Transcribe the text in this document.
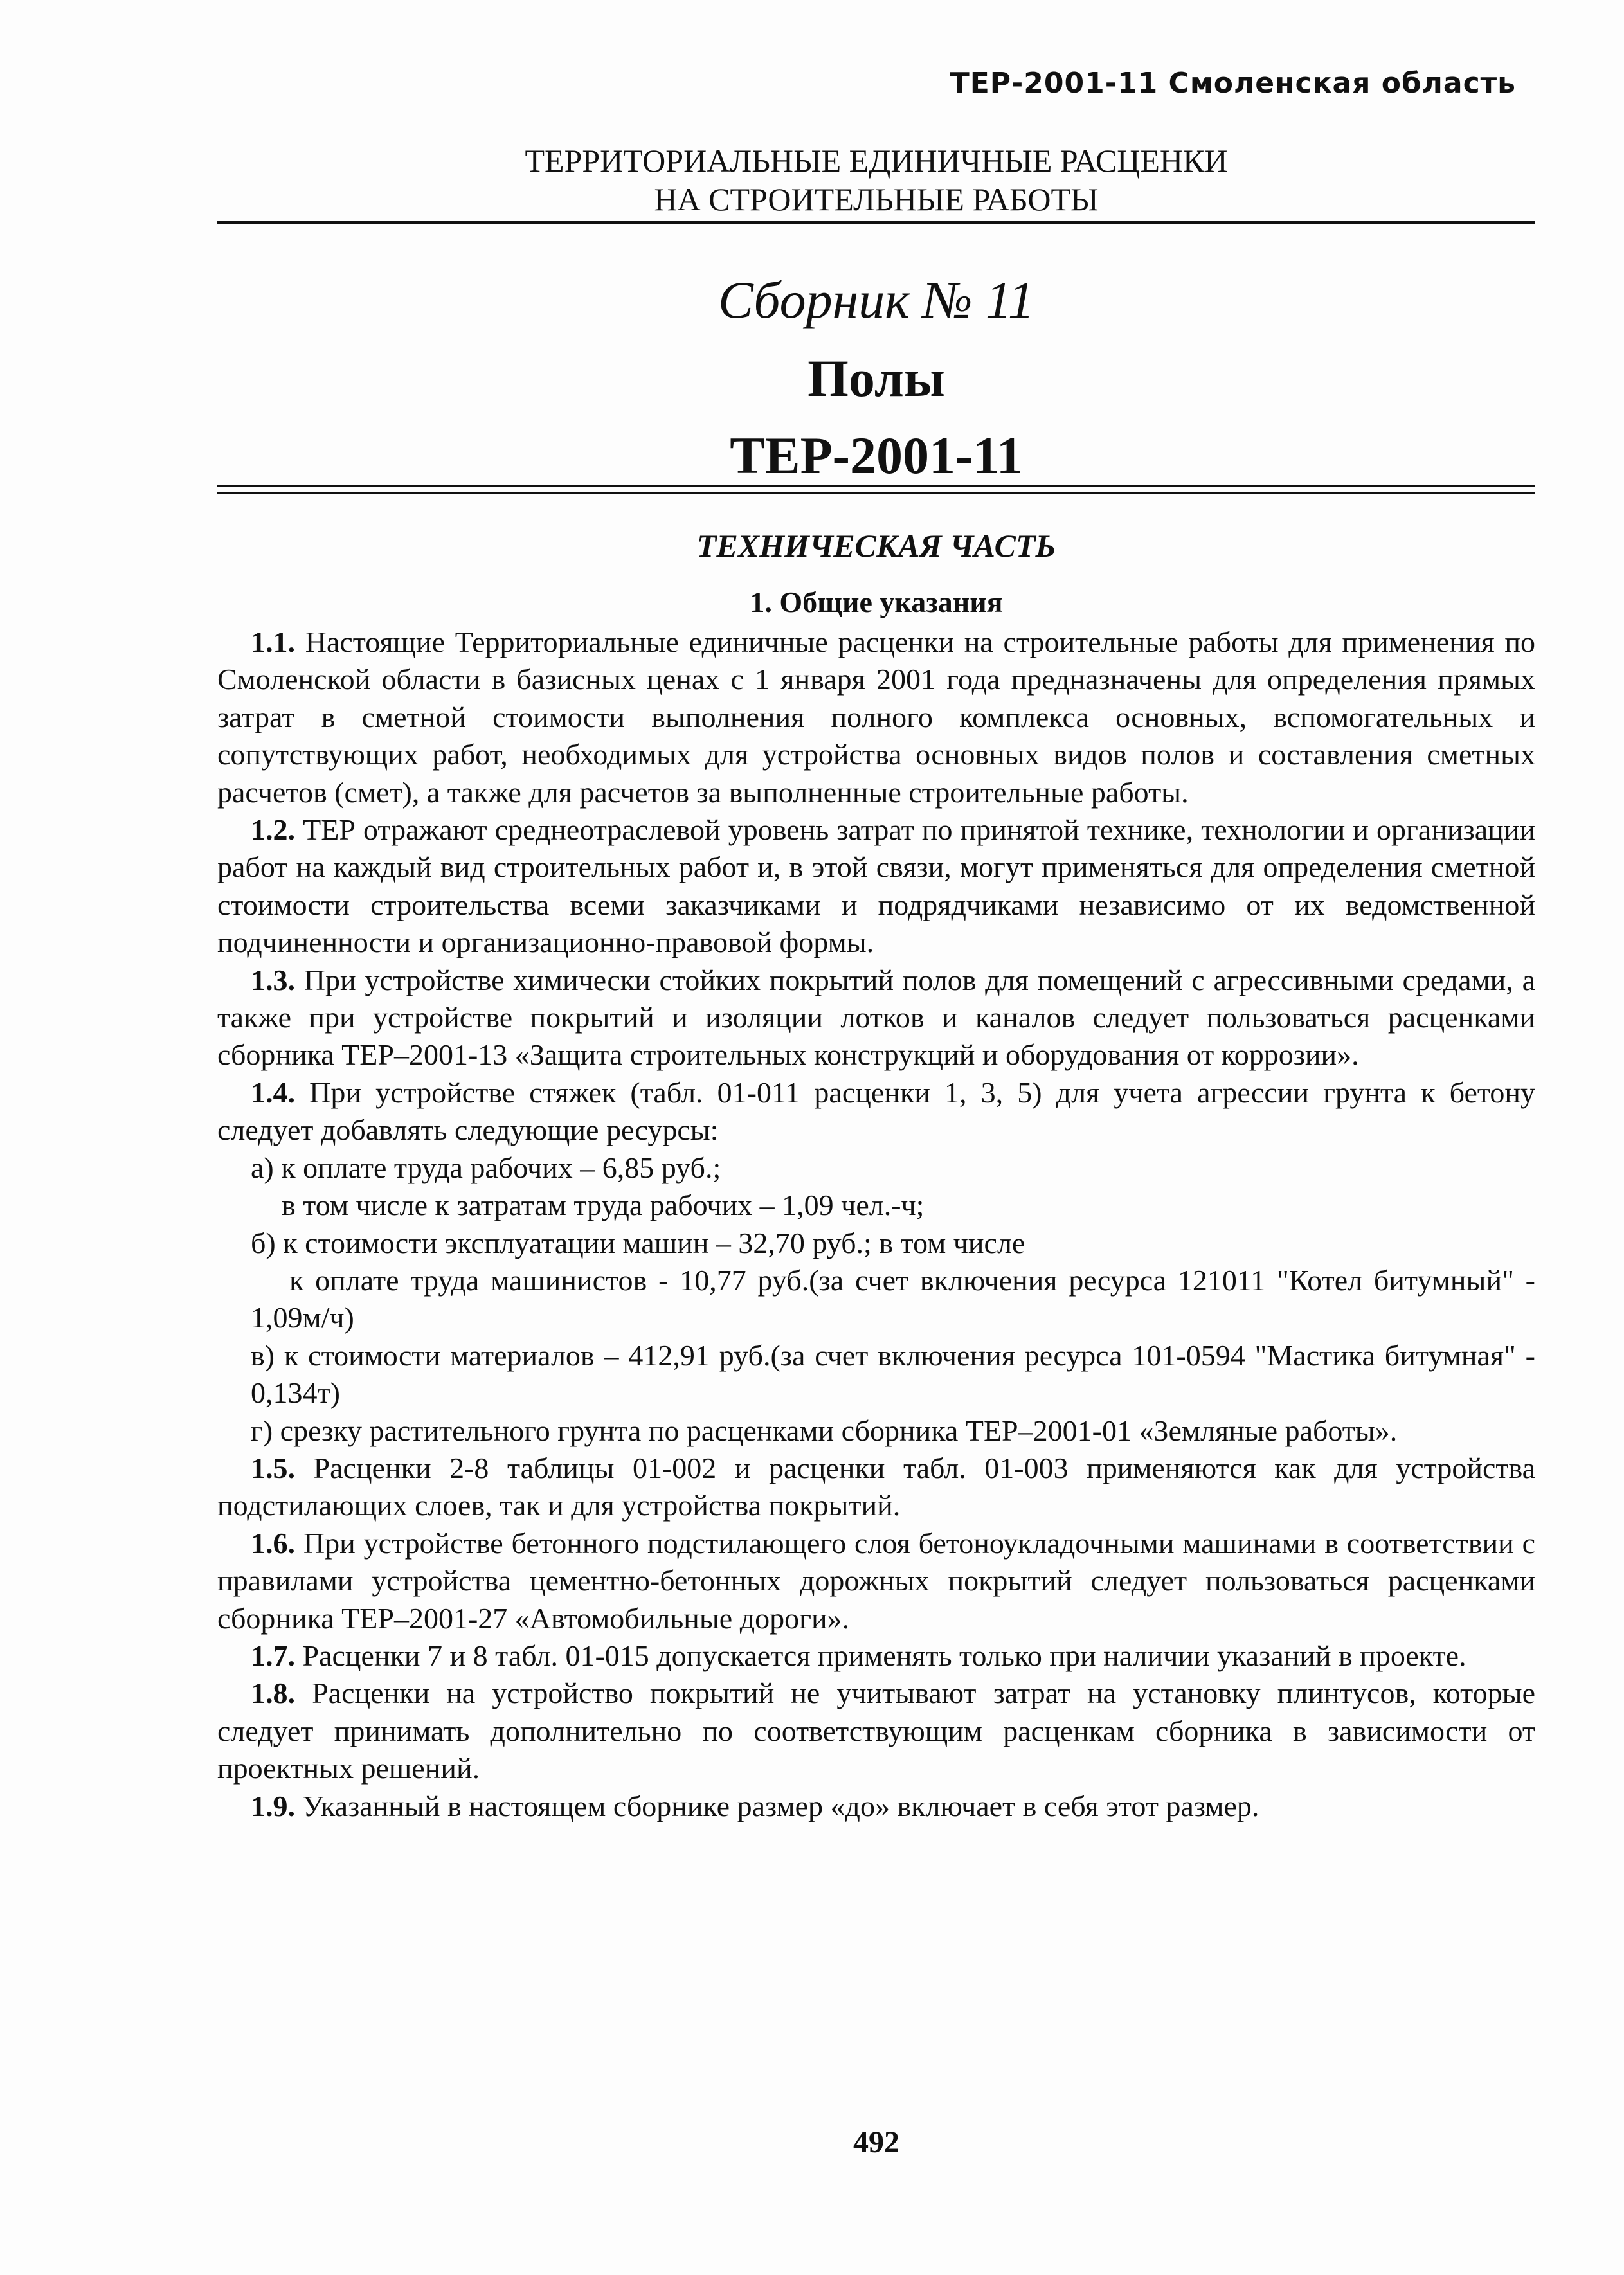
ТЕР-2001-11 Смоленская область
ТЕРРИТОРИАЛЬНЫЕ ЕДИНИЧНЫЕ РАСЦЕНКИ
НА СТРОИТЕЛЬНЫЕ РАБОТЫ
Сборник № 11
Полы
ТЕР-2001-11
ТЕХНИЧЕСКАЯ ЧАСТЬ
1. Общие указания

1.1. Настоящие Территориальные единичные расценки на строительные работы для применения по Смоленской области в базисных ценах с 1 января 2001 года предназначены для определения прямых затрат в сметной стоимости выполнения полного комплекса основных, вспомогательных и сопутствующих работ, необходимых для устройства основных видов полов и составления сметных расчетов (смет), а также для расчетов за выполненные строительные работы.

1.2. ТЕР отражают среднеотраслевой уровень затрат по принятой технике, технологии и организации работ на каждый вид строительных работ и, в этой связи, могут применяться для определения сметной стоимости строительства всеми заказчиками и подрядчиками независимо от их ведомственной подчиненности и организационно-правовой формы.

1.3. При устройстве химически стойких покрытий полов для помещений с агрессивными средами, а также при устройстве покрытий и изоляции лотков и каналов следует пользоваться расценками сборника ТЕР–2001-13 «Защита строительных конструкций и оборудования от коррозии».

1.4. При устройстве стяжек (табл. 01-011 расценки 1, 3, 5) для учета агрессии грунта к бетону следует добавлять следующие ресурсы:

а) к оплате труда рабочих – 6,85 руб.;

в том числе к затратам труда рабочих – 1,09 чел.-ч;

б) к стоимости эксплуатации машин – 32,70 руб.; в том числе

к оплате труда машинистов - 10,77 руб.(за счет включения ресурса 121011 "Котел битумный" - 1,09м/ч)

в) к стоимости материалов – 412,91 руб.(за счет включения ресурса 101-0594 "Мастика битумная" - 0,134т)

г) срезку растительного грунта по расценками сборника ТЕР–2001-01 «Земляные работы».

1.5. Расценки 2-8 таблицы 01-002 и расценки табл. 01-003 применяются как для устройства подстилающих слоев, так и для устройства покрытий.

1.6. При устройстве бетонного подстилающего слоя бетоноукладочными машинами в соответствии с правилами устройства цементно-бетонных дорожных покрытий следует пользоваться расценками сборника ТЕР–2001-27 «Автомобильные дороги».

1.7. Расценки 7 и 8 табл. 01-015 допускается применять только при наличии указаний в проекте.

1.8. Расценки на устройство покрытий не учитывают затрат на установку плинтусов, которые следует принимать дополнительно по соответствующим расценкам сборника в зависимости от проектных решений.

1.9. Указанный в настоящем сборнике размер «до» включает в себя этот размер.

492
